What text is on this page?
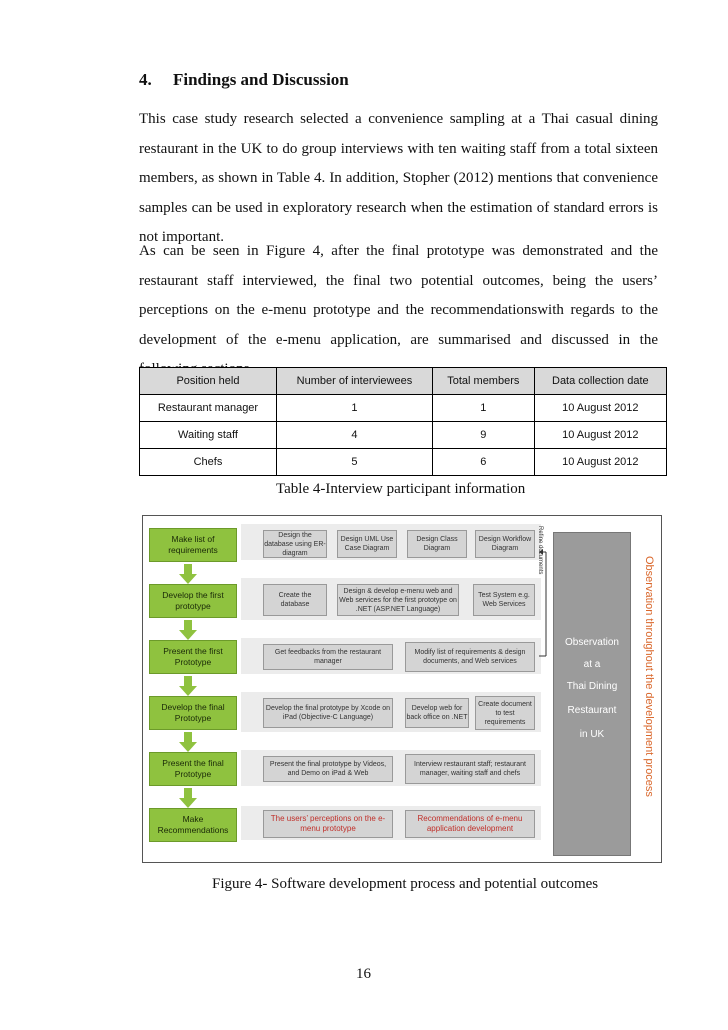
4. Findings and Discussion

This case study research selected a convenience sampling at a Thai casual dining restaurant in the UK to do group interviews with ten waiting staff from a total sixteen members, as shown in Table 4. In addition, Stopher (2012) mentions that convenience samples can be used in exploratory research when the estimation of standard errors is not important.

As can be seen in Figure 4, after the final prototype was demonstrated and the restaurant staff interviewed, the final two potential outcomes, being the users’ perceptions on the e-menu prototype and the recommendationswith regards to the development of the e-menu application, are summarised and discussed in the

Position held	Number of interviewees	Total members	Data collection date
Restaurant manager	1	1	10 August 2012
Waiting staff	4	9	10 August 2012
Chefs	5	6	10 August 2012
Table 4-Interview participant information
Make list of requirements
Develop the first prototype
Present the first Prototype
Develop the final Prototype
Present the final Prototype
Make Recommendations
Design the database using ER-diagram
Design UML Use Case Diagram
Design Class Diagram
Design Workflow Diagram
Create the database
Design & develop e-menu web and Web services for the first prototype on .NET (ASP.NET Language)
Test System e.g. Web Services
Get feedbacks from the restaurant manager
Modify list of requirements & design documents, and Web services
Develop the final prototype by Xcode on iPad (Objective-C Language)
Develop web for back office on .NET
Create document to test requirements
Present the final prototype by Videos, and Demo on iPad & Web
Interview restaurant staff; restaurant manager, waiting staff and chefs
The users’ perceptions on the e-menu prototype
Recommendations of e-menu application development
Refine documents
Observation
at a
Thai Dining
Restaurant
in UK	Observation throughout the development process
Figure 4- Software development process and potential outcomes
16
